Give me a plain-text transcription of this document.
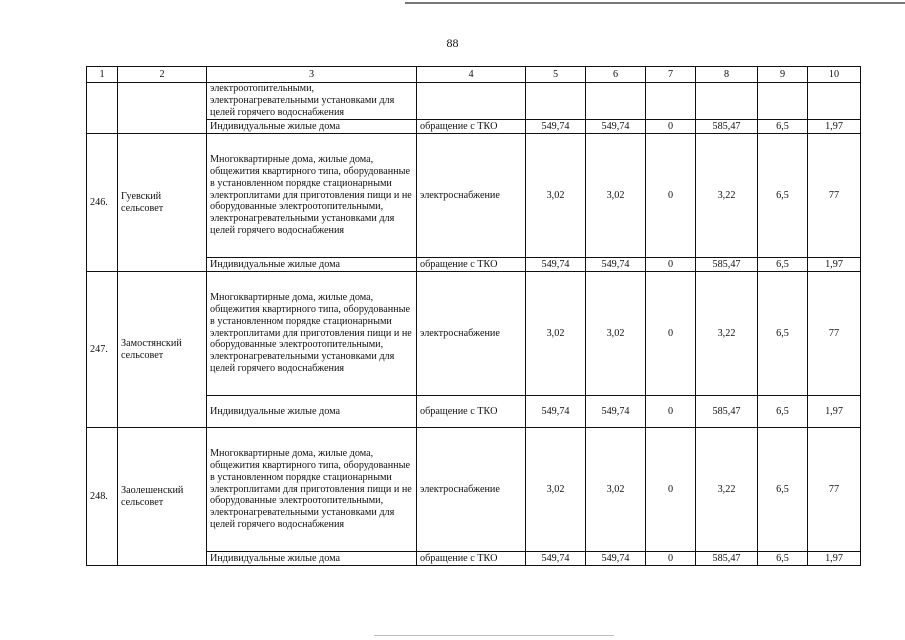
88
1	2	3	4	5	6	7	8	9	10
		электроотопительными, электронагревательными установками для целей горячего водоснабжения							
		Индивидуальные жилые дома	обращение с ТКО	549,74	549,74	0	585,47	6,5	1,97
246.	Гуевский сельсовет	Многоквартирные дома, жилые дома, общежития квартирного типа, оборудованные в установленном порядке стационарными электроплитами для приготовления пищи и не оборудованные электроотопительными, электронагревательными установками для целей горячего водоснабжения	электроснабжение	3,02	3,02	0	3,22	6,5	77
		Индивидуальные жилые дома	обращение с ТКО	549,74	549,74	0	585,47	6,5	1,97
247.	Замостянский сельсовет	Многоквартирные дома, жилые дома, общежития квартирного типа, оборудованные в установленном порядке стационарными электроплитами для приготовления пищи и не оборудованные электроотопительными, электронагревательными установками для целей горячего водоснабжения	электроснабжение	3,02	3,02	0	3,22	6,5	77
		Индивидуальные жилые дома	обращение с ТКО	549,74	549,74	0	585,47	6,5	1,97
248.	Заолешенский сельсовет	Многоквартирные дома, жилые дома, общежития квартирного типа, оборудованные в установленном порядке стационарными электроплитами для приготовления пищи и не оборудованные электроотопительными, электронагревательными установками для целей горячего водоснабжения	электроснабжение	3,02	3,02	0	3,22	6,5	77
		Индивидуальные жилые дома	обращение с ТКО	549,74	549,74	0	585,47	6,5	1,97
